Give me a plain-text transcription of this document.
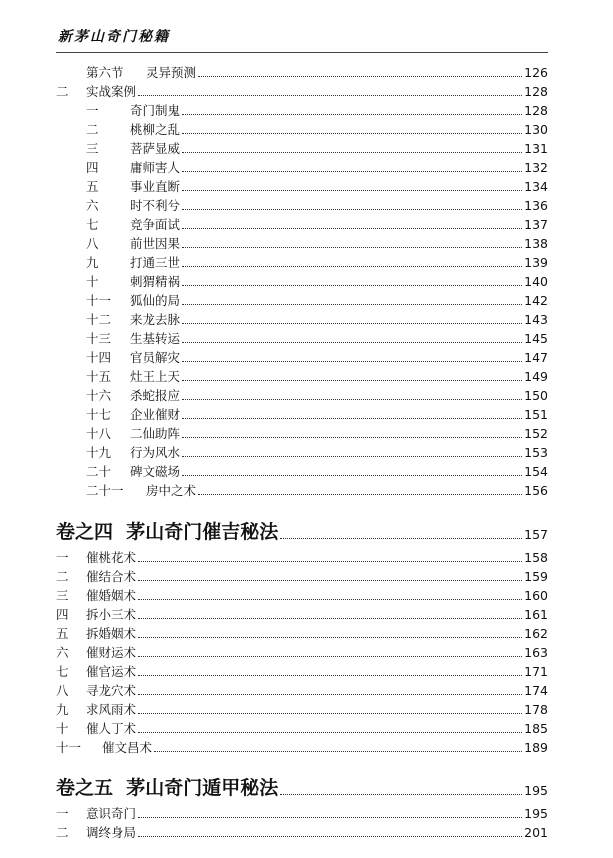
新茅山奇门秘籍
第六节	灵异预测	126
二	实战案例	128
一	奇门制鬼	128
二	桃柳之乱	130
三	菩萨显威	131
四	庸师害人	132
五	事业直断	134
六	时不利兮	136
七	竞争面试	137
八	前世因果	138
九	打通三世	139
十	刺猬精祸	140
十一	狐仙的局	142
十二	来龙去脉	143
十三	生基转运	145
十四	官员解灾	147
十五	灶王上天	149
十六	杀蛇报应	150
十七	企业催财	151
十八	二仙助阵	152
十九	行为风水	153
二十	碑文磁场	154
二十一	房中之术	156
卷之四  茅山奇门催吉秘法	157
一	催桃花术	158
二	催结合术	159
三	催婚姻术	160
四	拆小三术	161
五	拆婚姻术	162
六	催财运术	163
七	催官运术	171
八	寻龙穴术	174
九	求风雨术	178
十	催人丁术	185
十一	催文昌术	189
卷之五  茅山奇门遁甲秘法	195
一	意识奇门	195
二	调终身局	201
